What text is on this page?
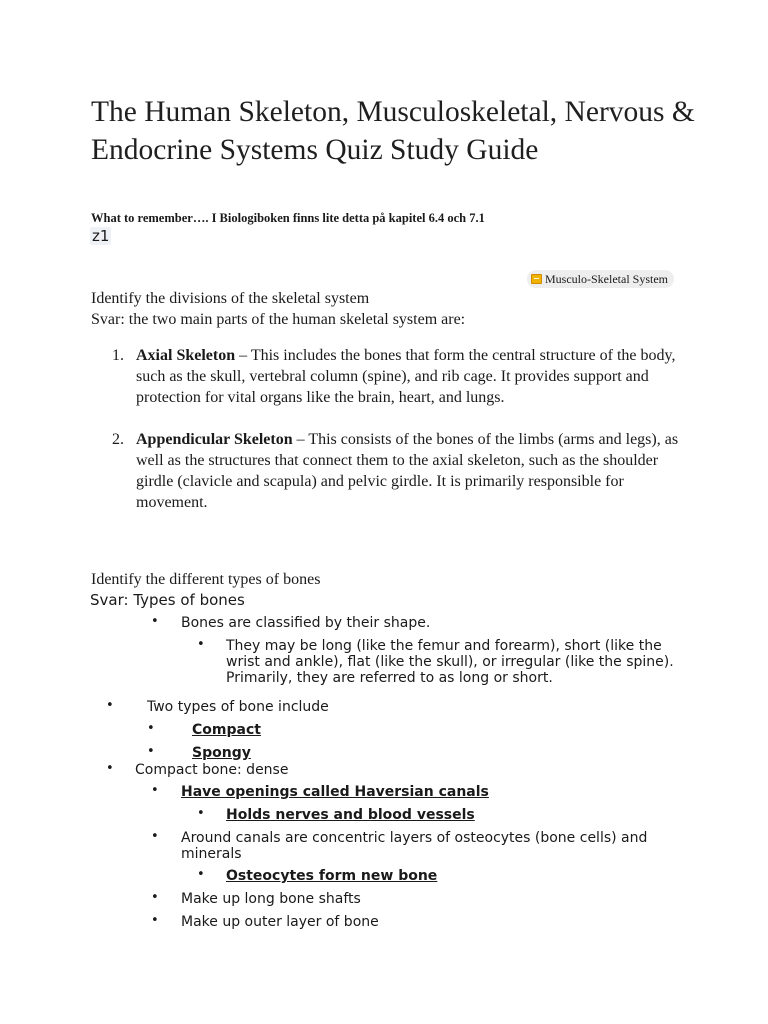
The Human Skeleton, Musculoskeletal, Nervous & Endocrine Systems Quiz Study Guide

What to remember…. I Biologiboken finns lite detta på kapitel 6.4 och 7.1

z1
Musculo-Skeletal System
Identify the divisions of the skeletal system
Svar: the two main parts of the human skeletal system are:
1. Axial Skeleton – This includes the bones that form the central structure of the body, such as the skull, vertebral column (spine), and rib cage. It provides support and protection for vital organs like the brain, heart, and lungs.
2. Appendicular Skeleton – This consists of the bones of the limbs (arms and legs), as well as the structures that connect them to the axial skeleton, such as the shoulder girdle (clavicle and scapula) and pelvic girdle. It is primarily responsible for movement.
Identify the different types of bones
Svar: Types of bones
• Bones are classified by their shape.
• They may be long (like the femur and forearm), short (like the
wrist and ankle), flat (like the skull), or irregular (like the spine).
Primarily, they are referred to as long or short.
• Two types of bone include
•	Compact
•	Spongy
• Compact bone: dense
• Have openings called Haversian canals
• Holds nerves and blood vessels
• Around canals are concentric layers of osteocytes (bone cells) and
minerals
• Osteocytes form new bone
• Make up long bone shafts
• Make up outer layer of bone
